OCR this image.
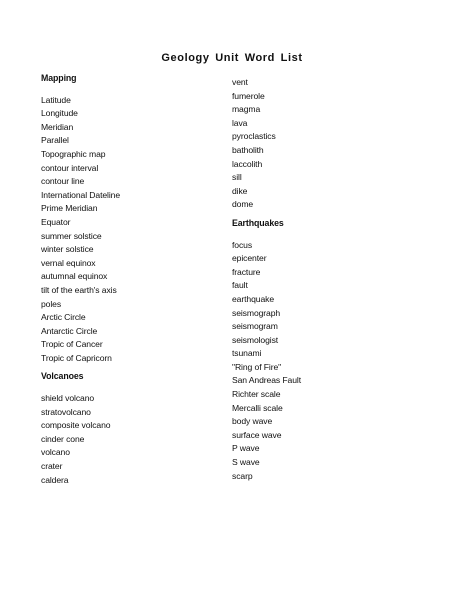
Geology Unit Word List
Mapping
Latitude
Longitude
Meridian
Parallel
Topographic map
contour interval
contour line
International Dateline
Prime Meridian
Equator
summer solstice
winter solstice
vernal equinox
autumnal equinox
tilt of the earth's axis
poles
Arctic Circle
Antarctic Circle
Tropic of Cancer
Tropic of Capricorn
Volcanoes
shield volcano
stratovolcano
composite volcano
cinder cone
volcano
crater
caldera
vent
fumerole
magma
lava
pyroclastics
batholith
laccolith
sill
dike
dome
Earthquakes
focus
epicenter
fracture
fault
earthquake
seismograph
seismogram
seismologist
tsunami
"Ring of Fire"
San Andreas Fault
Richter scale
Mercalli scale
body wave
surface wave
P wave
S wave
scarp
